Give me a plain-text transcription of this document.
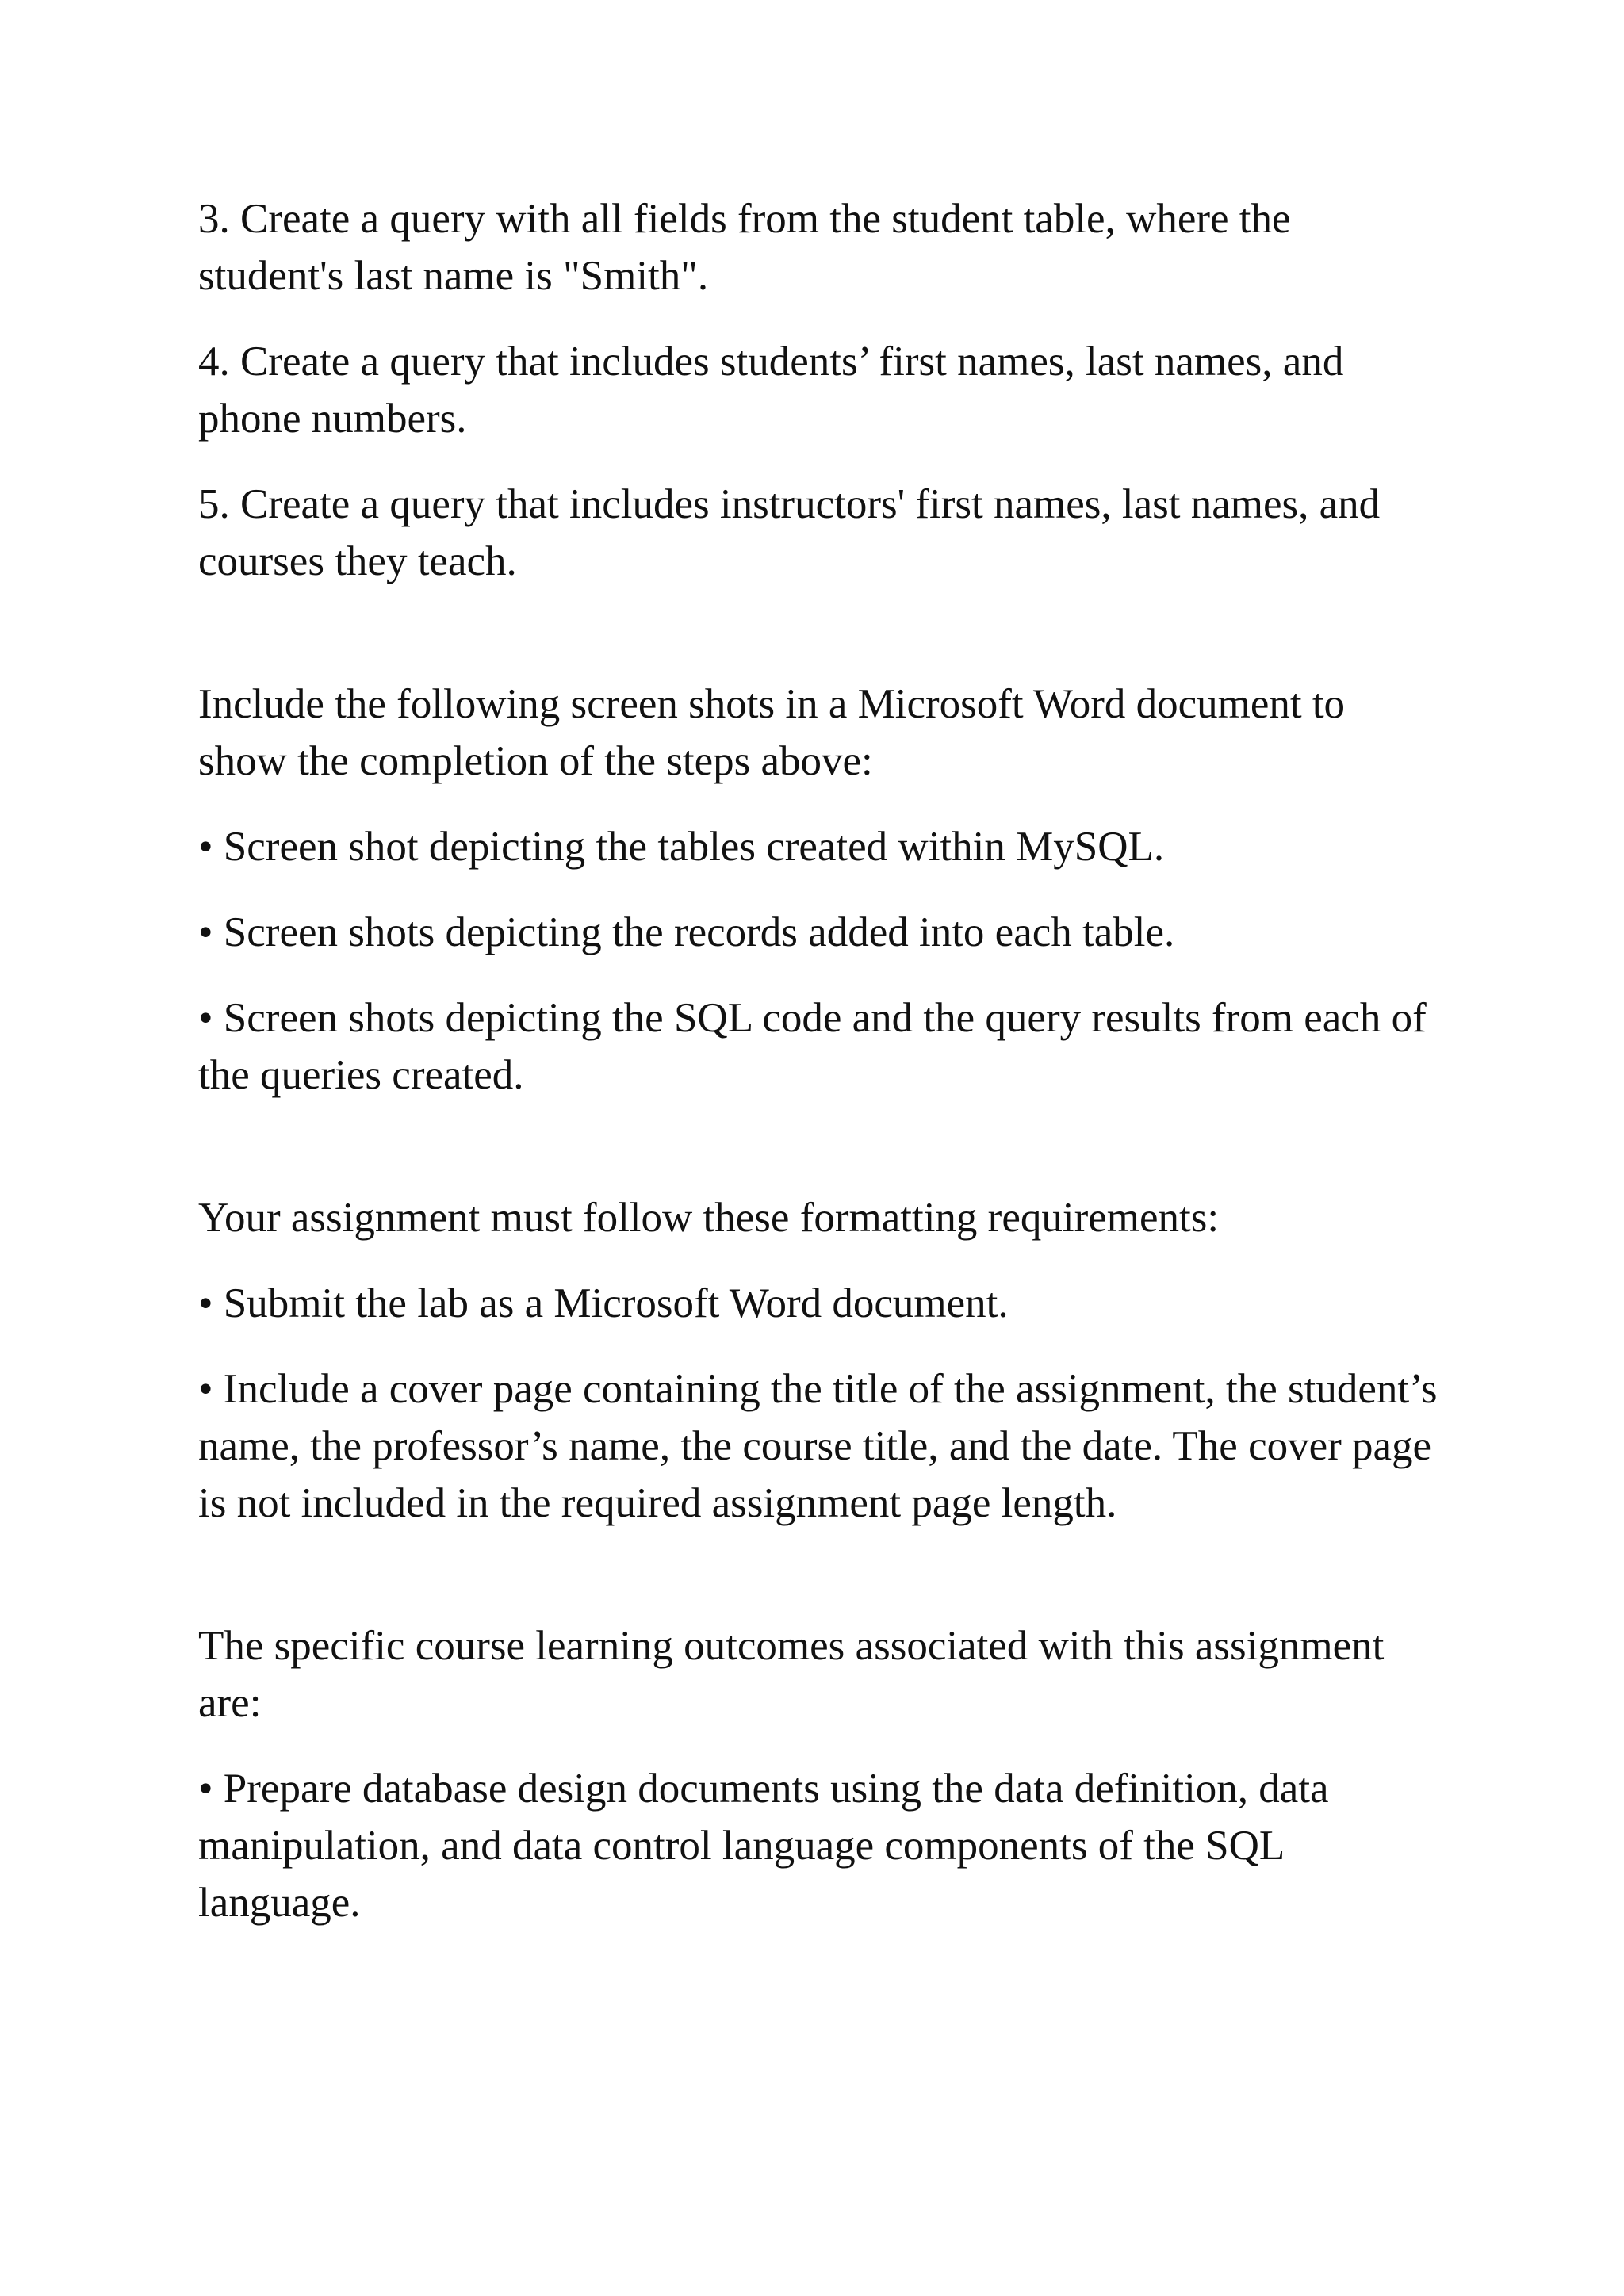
3. Create a query with all fields from the student table, where the student's last name is "Smith".

4. Create a query that includes students’ first names, last names, and phone numbers.

5. Create a query that includes instructors' first names, last names, and courses they teach.

Include the following screen shots in a Microsoft Word document to show the completion of the steps above:

• Screen shot depicting the tables created within MySQL.

• Screen shots depicting the records added into each table.

• Screen shots depicting the SQL code and the query results from each of the queries created.

Your assignment must follow these formatting requirements:

• Submit the lab as a Microsoft Word document.

• Include a cover page containing the title of the assignment, the student’s name, the professor’s name, the course title, and the date. The cover page is not included in the required assignment page length.

The specific course learning outcomes associated with this assignment are:

• Prepare database design documents using the data definition, data manipulation, and data control language components of the SQL language.
